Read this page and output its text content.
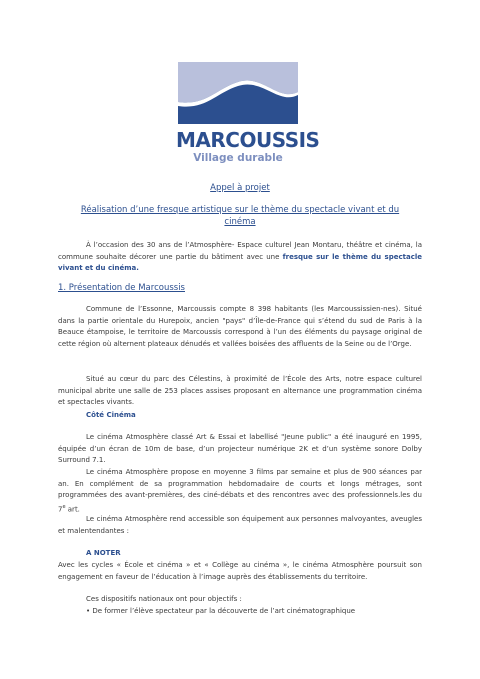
MARCOUSSIS
Village durable
Appel à projet
Réalisation d’une fresque artistique sur le thème du spectacle vivant et du cinéma
À l’occasion des 30 ans de l’Atmosphère- Espace culturel Jean Montaru, théâtre et cinéma, la commune souhaite décorer une partie du bâtiment avec une fresque sur le thème du spectacle vivant et du cinéma.
1. Présentation de Marcoussis
Commune de l’Essonne, Marcoussis compte 8 398 habitants (les Marcoussissien-nes). Situé dans la partie orientale du Hurepoix, ancien "pays" d’Île-de-France qui s’étend du sud de Paris à la Beauce étampoise, le territoire de Marcoussis correspond à l’un des éléments du paysage original de cette région où alternent plateaux dénudés et vallées boisées des affluents de la Seine ou de l’Orge.
Situé au cœur du parc des Célestins, à proximité de l’École des Arts, notre espace culturel municipal abrite une salle de 253 places assises proposant en alternance une programmation cinéma et spectacles vivants.
Côté Cinéma
Le cinéma Atmosphère classé Art & Essai et labellisé "Jeune public" a été inauguré en 1995, équipée d’un écran de 10m de base, d’un projecteur numérique 2K et d’un système sonore Dolby Surround 7.1.
Le cinéma Atmosphère propose en moyenne 3 films par semaine et plus de 900 séances par an. En complément de sa programmation hebdomadaire de courts et longs métrages, sont programmées des avant-premières, des ciné-débats et des rencontres avec des professionnels.les du 7e art.
Le cinéma Atmosphère rend accessible son équipement aux personnes malvoyantes, aveugles et malentendantes :
A NOTER
Avec les cycles « École et cinéma » et « Collège au cinéma », le cinéma Atmosphère poursuit son engagement en faveur de l’éducation à l’image auprès des établissements du territoire.
Ces dispositifs nationaux ont pour objectifs :
• De former l’élève spectateur par la découverte de l’art cinématographique
